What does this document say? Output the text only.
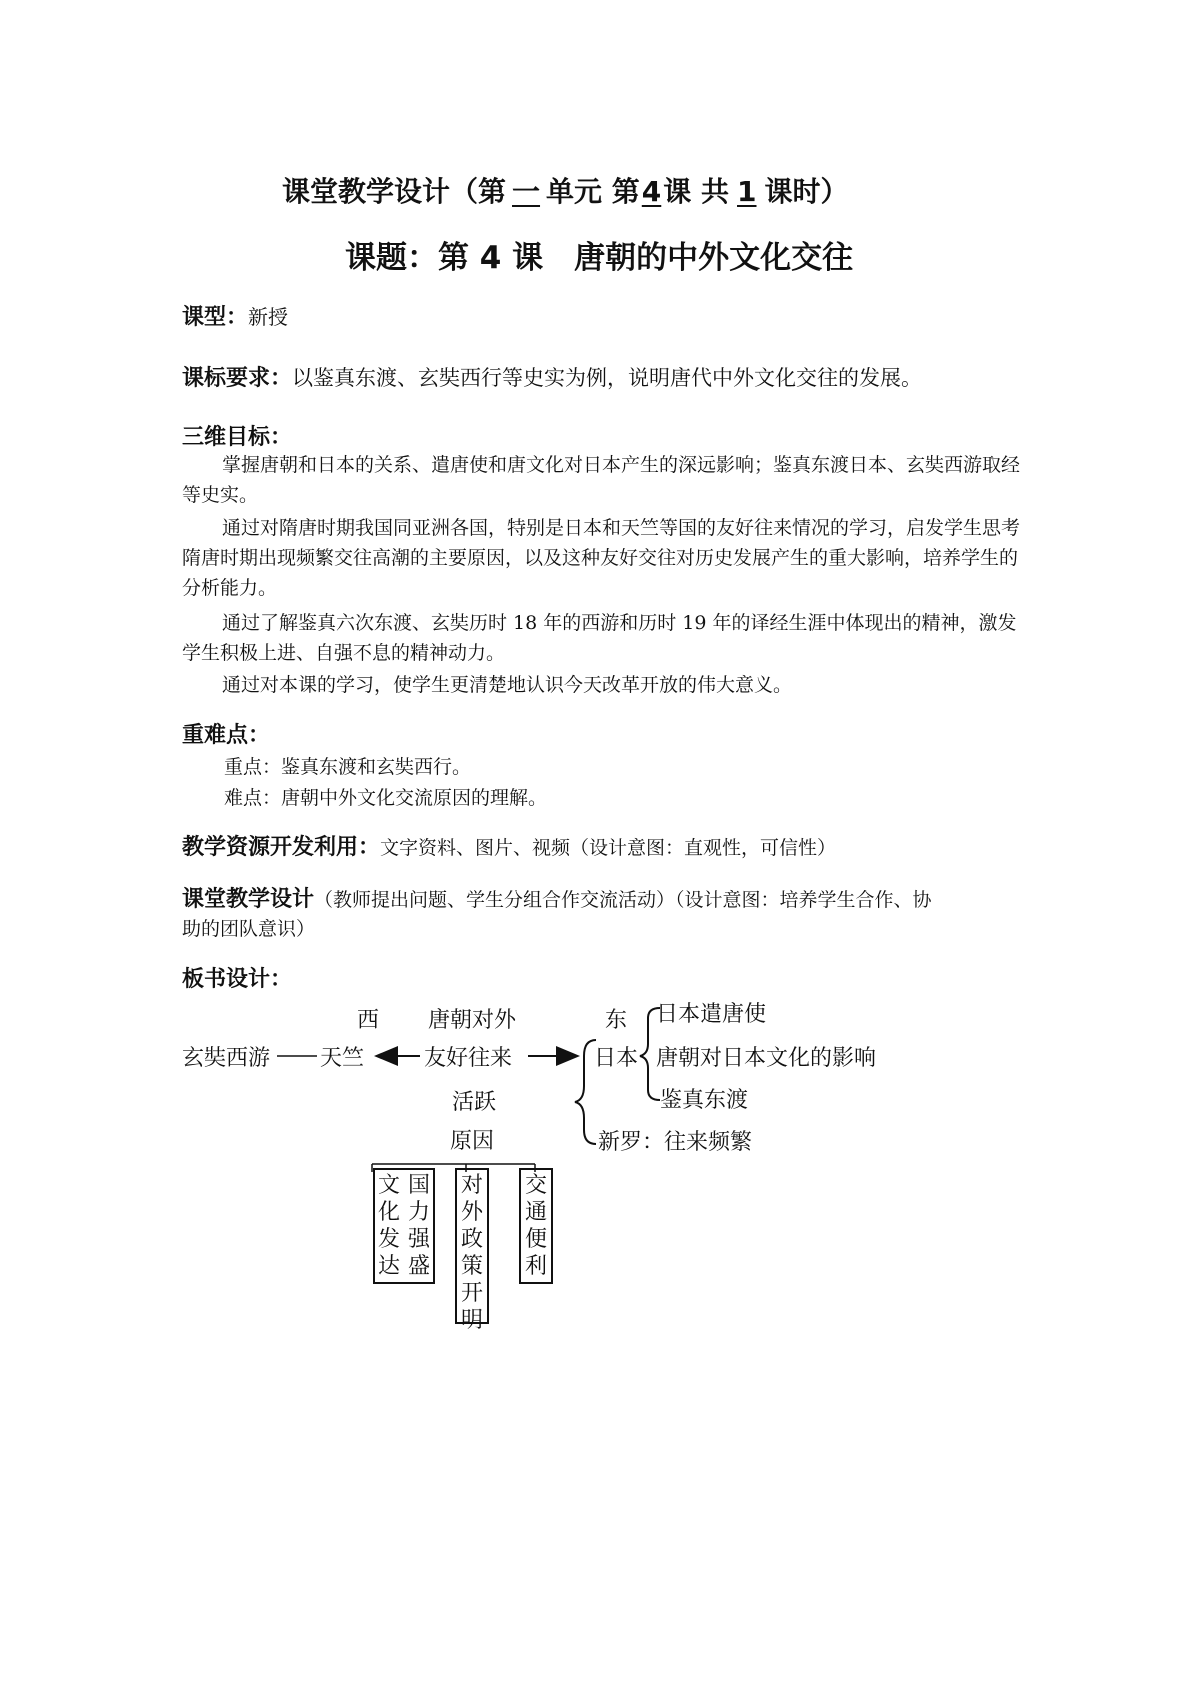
课堂教学设计（第 一 单元 第4课 共 1 课时）
课题：第 4 课　唐朝的中外文化交往
课型：新授
课标要求：以鉴真东渡、玄奘西行等史实为例，说明唐代中外文化交往的发展。
三维目标：

掌握唐朝和日本的关系、遣唐使和唐文化对日本产生的深远影响；鉴真东渡日本、玄奘西游取经等史实。

通过对隋唐时期我国同亚洲各国，特别是日本和天竺等国的友好往来情况的学习，启发学生思考隋唐时期出现频繁交往高潮的主要原因，以及这种友好交往对历史发展产生的重大影响，培养学生的分析能力。

通过了解鉴真六次东渡、玄奘历时 18 年的西游和历时 19 年的译经生涯中体现出的精神，激发学生积极上进、自强不息的精神动力。

通过对本课的学习，使学生更清楚地认识今天改革开放的伟大意义。

重难点：
重点：鉴真东渡和玄奘西行。
难点：唐朝中外文化交流原因的理解。
教学资源开发利用：文字资料、图片、视频（设计意图：直观性，可信性）
课堂教学设计（教师提出问题、学生分组合作交流活动）（设计意图：培养学生合作、协
助的团队意识）
板书设计：
西 唐朝对外	东
玄奘西游 天竺	友好往来	日本
日本遣唐使
唐朝对日本文化的影响
鉴真东渡
活跃
原因	新罗：往来频繁
文化发达
国力强盛
对外政策开明
交通便利
